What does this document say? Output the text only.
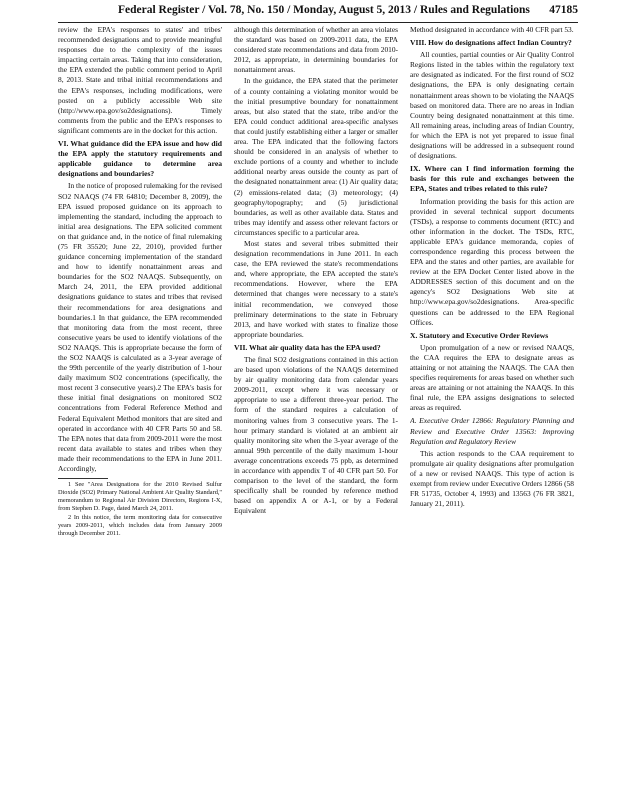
Federal Register / Vol. 78, No. 150 / Monday, August 5, 2013 / Rules and Regulations 47185

review the EPA's responses to states' and tribes' recommended designations and to provide meaningful responses due to the complexity of the issues impacting certain areas. Taking that into consideration, the EPA extended the public comment period to April 8, 2013. State and tribal initial recommendations and the EPA's responses, including modifications, were posted on a publicly accessible Web site (http://www.epa.gov/so2designations). Timely comments from the public and the EPA's responses to significant comments are in the docket for this action.

VI. What guidance did the EPA issue and how did the EPA apply the statutory requirements and applicable guidance to determine area designations and boundaries?

In the notice of proposed rulemaking for the revised SO2 NAAQS (74 FR 64810; December 8, 2009), the EPA issued proposed guidance on its approach to implementing the standard, including the approach to initial area designations. The EPA solicited comment on that guidance and, in the notice of final rulemaking (75 FR 35520; June 22, 2010), provided further guidance concerning implementation of the standard and how to identify nonattainment areas and boundaries for the SO2 NAAQS. Subsequently, on March 24, 2011, the EPA provided additional designations guidance to states and tribes that revised their recommendations for area designations and boundaries.1 In that guidance, the EPA recommended that monitoring data from the most recent, three consecutive years be used to identify violations of the SO2 NAAQS. This is appropriate because the form of the SO2 NAAQS is calculated as a 3-year average of the 99th percentile of the yearly distribution of 1-hour daily maximum SO2 concentrations (specifically, the most recent 3 consecutive years).2 The EPA's basis for these initial final designations on monitored SO2 concentrations from Federal Reference Method and Federal Equivalent Method monitors that are sited and operated in accordance with 40 CFR Parts 50 and 58. The EPA notes that data from 2009-2011 were the most recent data available to states and tribes when they made their recommendations to the EPA in June 2011. Accordingly,

1 See "Area Designations for the 2010 Revised Sulfur Dioxide (SO2) Primary National Ambient Air Quality Standard," memorandum to Regional Air Division Directors, Regions I-X, from Stephen D. Page, dated March 24, 2011.

2 In this notice, the term monitoring data for consecutive years 2009-2011, which includes data from January 2009 through December 2011.

although this determination of whether an area violates the standard was based on 2009-2011 data, the EPA considered state recommendations and data from 2010-2012, as appropriate, in determining boundaries for nonattainment areas.

In the guidance, the EPA stated that the perimeter of a county containing a violating monitor would be the initial presumptive boundary for nonattainment areas, but also stated that the state, tribe and/or the EPA could conduct additional area-specific analyses that could justify establishing either a larger or smaller area. The EPA indicated that the following factors should be considered in an analysis of whether to exclude portions of a county and whether to include additional nearby areas outside the county as part of the designated nonattainment area: (1) Air quality data; (2) emissions-related data; (3) meteorology; (4) geography/topography; and (5) jurisdictional boundaries, as well as other available data. States and tribes may identify and assess other relevant factors or circumstances specific to a particular area.

Most states and several tribes submitted their designation recommendations in June 2011. In each case, the EPA reviewed the state's recommendations and, where appropriate, the EPA accepted the state's recommendations. However, where the EPA determined that changes were necessary to a state's initial recommendation, we conveyed those preliminary determinations to the state in February 2013, and have worked with states to finalize those appropriate boundaries.

VII. What air quality data has the EPA used?

The final SO2 designations contained in this action are based upon violations of the NAAQS determined by air quality monitoring data from calendar years 2009-2011, except where it was necessary or appropriate to use a different three-year period. The form of the standard requires a calculation of monitoring values from 3 consecutive years. The 1-hour primary standard is violated at an ambient air quality monitoring site when the 3-year average of the annual 99th percentile of the daily maximum 1-hour average concentrations exceeds 75 ppb, as determined in accordance with appendix T of 40 CFR part 50. For comparison to the level of the standard, the form specifically shall be rounded by reference method based on appendix A or A-1, or by a Federal Equivalent

Method designated in accordance with 40 CFR part 53.

VIII. How do designations affect Indian Country?

All counties, partial counties or Air Quality Control Regions listed in the tables within the regulatory text are designated as indicated. For the first round of SO2 designations, the EPA is only designating certain nonattainment areas shown to be violating the NAAQS based on monitored data. There are no areas in Indian Country being designated nonattainment at this time. All remaining areas, including areas of Indian Country, for which the EPA is not yet prepared to issue final designations will be addressed in a subsequent round of designations.

IX. Where can I find information forming the basis for this rule and exchanges between the EPA, States and tribes related to this rule?

Information providing the basis for this action are provided in several technical support documents (TSDs), a response to comments document (RTC) and other information in the docket. The TSDs, RTC, applicable EPA's guidance memoranda, copies of correspondence regarding this process between the EPA and the states and other parties, are available for review at the EPA Docket Center listed above in the ADDRESSES section of this document and on the agency's SO2 Designations Web site at http://www.epa.gov/so2designations. Area-specific questions can be addressed to the EPA Regional Offices.

X. Statutory and Executive Order Reviews

Upon promulgation of a new or revised NAAQS, the CAA requires the EPA to designate areas as attaining or not attaining the NAAQS. The CAA then specifies requirements for areas based on whether such areas are attaining or not attaining the NAAQS. In this final rule, the EPA assigns designations to selected areas as required.

A. Executive Order 12866: Regulatory Planning and Review and Executive Order 13563: Improving Regulation and Regulatory Review

This action responds to the CAA requirement to promulgate air quality designations after promulgation of a new or revised NAAQS. This type of action is exempt from review under Executive Orders 12866 (58 FR 51735, October 4, 1993) and 13563 (76 FR 3821, January 21, 2011).
